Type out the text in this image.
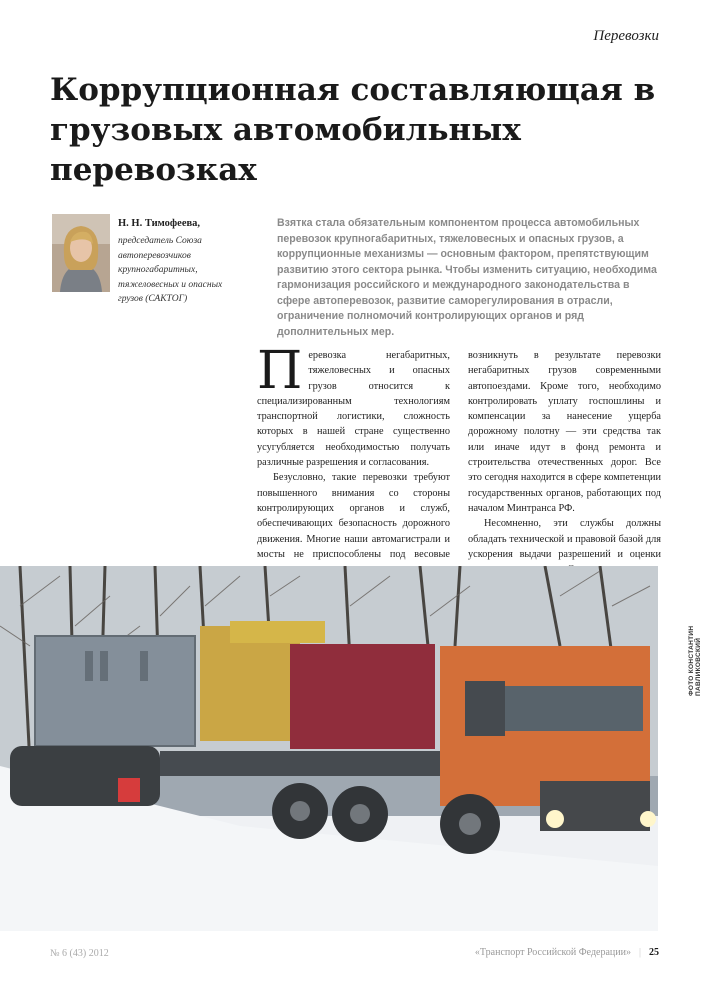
Перевозки
Коррупционная составляющая в грузовых автомобильных перевозках
Н. Н. Тимофеева,
председатель Союза автоперевозчиков крупногабаритных, тяжеловесных и опасных грузов (САКТОГ)
Взятка стала обязательным компонентом процесса автомобильных перевозок крупногабаритных, тяжеловесных и опасных грузов, а коррупционные механизмы — основным фактором, препятствующим развитию этого сектора рынка. Чтобы изменить ситуацию, необходима гармонизация российского и международного законодательства в сфере автоперевозок, развитие саморегулирования в отрасли, ограничение полномочий контролирующих органов и ряд дополнительных мер.

Перевозка негабаритных, тяжеловесных и опасных грузов относится к специализированным технологиям транспортной логистики, сложность которых в нашей стране существенно усугубляется необходимостью получать различные разрешения и согласования.

Безусловно, такие перевозки требуют повышенного внимания со стороны контролирующих органов и служб, обеспечивающих безопасность дорожного движения. Многие наши автомагистрали и мосты не приспособлены под весовые

возникнуть в результате перевозки негабаритных грузов современными автопоездами. Кроме того, необходимо контролировать уплату госпошлины и компенсации за нанесение ущерба дорожному полотну — эти средства так или иначе идут в фонд ремонта и строительства отечественных дорог. Все это сегодня находится в сфере компетенции государственных органов, работающих под началом Минтранса РФ.

Несомненно, эти службы должны обладать технической и правовой базой для ускорения выдачи разрешений и оценки

ФОТО КОНСТАНТИН ПАВЛИКОВСКИЙ
№ 6 (43) 2012	«Транспорт Российской Федерации» | 25
